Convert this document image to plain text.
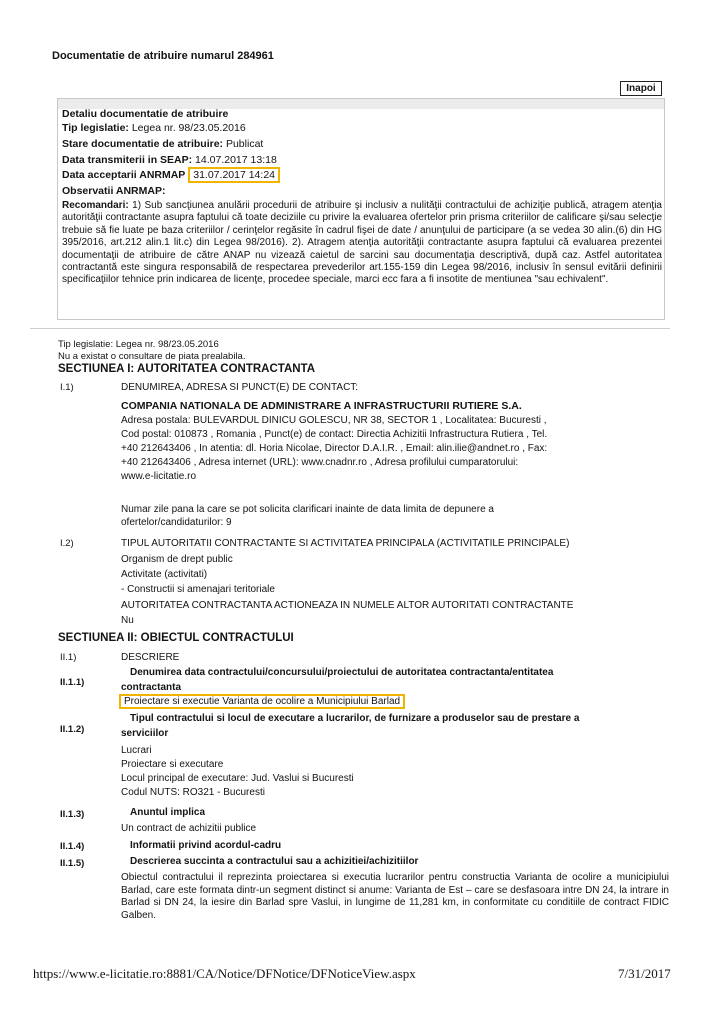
Documentatie de atribuire numarul 284961
Inapoi
Detaliu documentatie de atribuire
Tip legislatie: Legea nr. 98/23.05.2016
Stare documentatie de atribuire: Publicat
Data transmiterii in SEAP: 14.07.2017 13:18
Data acceptarii ANRMAP 31.07.2017 14:24
Observatii ANRMAP:
Recomandari: 1) Sub sancţiunea anulării procedurii de atribuire şi inclusiv a nulităţii contractului de achiziţie publică, atragem atenţia autorităţii contractante asupra faptului că toate deciziile cu privire la evaluarea ofertelor prin prisma criteriilor de calificare şi/sau selecţie trebuie să fie luate pe baza criteriilor / cerinţelor regăsite în cadrul fişei de date / anunţului de participare (a se vedea 30 alin.(6) din HG 395/2016, art.212 alin.1 lit.c) din Legea 98/2016). 2). Atragem atenţia autorităţii contractante asupra faptului că evaluarea prezentei documentaţii de atribuire de către ANAP nu vizează caietul de sarcini sau documentaţia descriptivă, după caz. Astfel autoritatea contractantă este singura responsabilă de respectarea prevederilor art.155-159 din Legea 98/2016, inclusiv în sensul evitării definirii specificaţiilor tehnice prin indicarea de licenţe, procedee speciale, marci ecc fara a fi insotite de mentiunea "sau echivalent".
Tip legislatie: Legea nr. 98/23.05.2016
Nu a existat o consultare de piata prealabila.
SECTIUNEA I: AUTORITATEA CONTRACTANTA
I.1)	DENUMIREA, ADRESA SI PUNCT(E) DE CONTACT:
COMPANIA NATIONALA DE ADMINISTRARE A INFRASTRUCTURII RUTIERE S.A.
Adresa postala: BULEVARDUL DINICU GOLESCU, NR 38, SECTOR 1 , Localitatea: Bucuresti ,
Cod postal: 010873 , Romania , Punct(e) de contact: Directia Achizitii Infrastructura Rutiera , Tel.
+40 212643406 , In atentia: dl. Horia Nicolae, Director D.A.I.R. , Email: alin.ilie@andnet.ro , Fax:
+40 212643406 , Adresa internet (URL): www.cnadnr.ro , Adresa profilului cumparatorului:
www.e-licitatie.ro
Numar zile pana la care se pot solicita clarificari inainte de data limita de depunere a
ofertelor/candidaturilor: 9
I.2)	TIPUL AUTORITATII CONTRACTANTE SI ACTIVITATEA PRINCIPALA (ACTIVITATILE PRINCIPALE)
Organism de drept public
Activitate (activitati)
- Constructii si amenajari teritoriale
AUTORITATEA CONTRACTANTA ACTIONEAZA IN NUMELE ALTOR AUTORITATI CONTRACTANTE
Nu
SECTIUNEA II: OBIECTUL CONTRACTULUI
II.1)	DESCRIERE
II.1.1)
Denumirea data contractului/concursului/proiectului de autoritatea contractanta/entitatea
contractanta
Proiectare si executie Varianta de ocolire a Municipiului Barlad
II.1.2)
Tipul contractului si locul de executare a lucrarilor, de furnizare a produselor sau de prestare a
serviciilor
Lucrari
Proiectare si executare
Locul principal de executare: Jud. Vaslui si Bucuresti
Codul NUTS: RO321 - Bucuresti
II.1.3)	Anuntul implica
Un contract de achizitii publice
II.1.4)	Informatii privind acordul-cadru
II.1.5)	Descrierea succinta a contractului sau a achizitiei/achizitiilor
Obiectul contractului il reprezinta proiectarea si executia lucrarilor pentru constructia Varianta de ocolire a municipiului Barlad, care este formata dintr-un segment distinct si anume: Varianta de Est – care se desfasoara intre DN 24, la intrare in Barlad si DN 24, la iesire din Barlad spre Vaslui, in lungime de 11,281 km, in conformitate cu conditiile de contract FIDIC Galben.
https://www.e-licitatie.ro:8881/CA/Notice/DFNotice/DFNoticeView.aspx	7/31/2017
